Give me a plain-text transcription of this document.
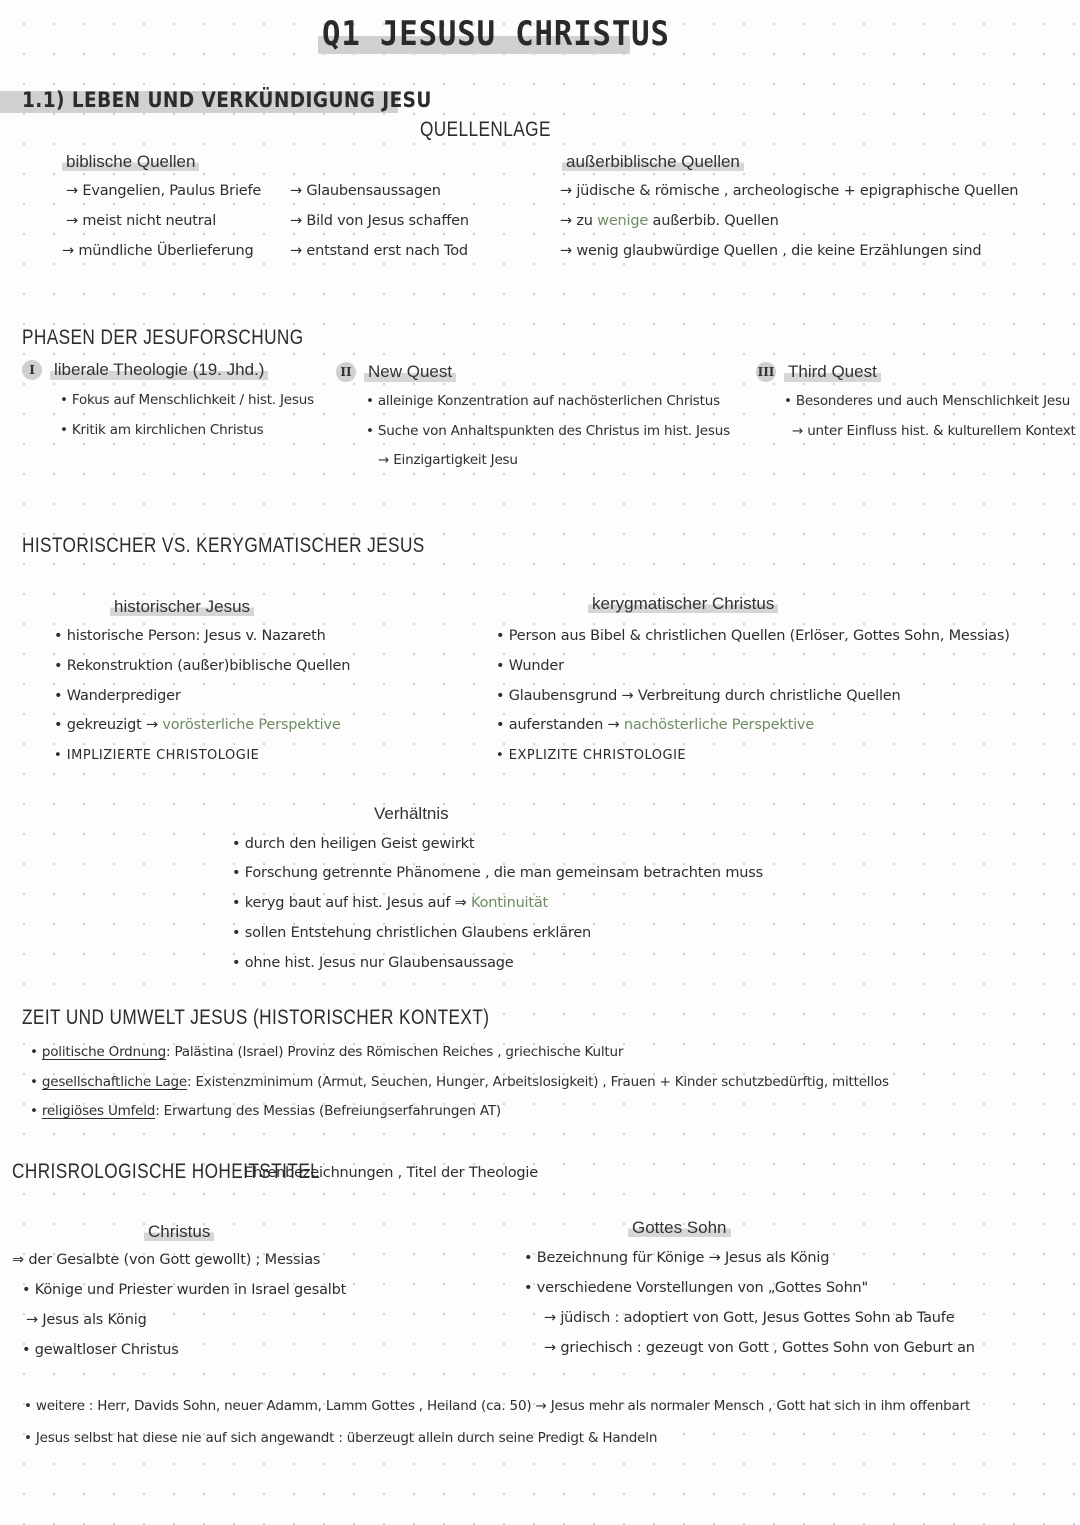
Q1 JESUSU CHRISTUS
1.1) LEBEN UND VERKÜNDIGUNG JESU
QUELLENLAGE
biblische Quellen
→ Evangelien, Paulus Briefe
→ meist nicht neutral
→ mündliche Überlieferung
→ Glaubensaussagen
→ Bild von Jesus schaffen
→ entstand erst nach Tod
außerbiblische Quellen
→ jüdische & römische , archeologische + epigraphische Quellen
→ zu wenige außerbib. Quellen
→ wenig glaubwürdige Quellen , die keine Erzählungen sind
PHASEN DER JESUFORSCHUNG
I	liberale Theologie (19. Jhd.)
• Fokus auf Menschlichkeit / hist. Jesus
• Kritik am kirchlichen Christus
II New Quest
• alleinige Konzentration auf nachösterlichen Christus
• Suche von Anhaltspunkten des Christus im hist. Jesus
→ Einzigartigkeit Jesu
III Third Quest
• Besonderes und auch Menschlichkeit Jesu
→ unter Einfluss hist. & kulturellem Kontext
HISTORISCHER VS. KERYGMATISCHER JESUS
historischer Jesus
• historische Person: Jesus v. Nazareth
• Rekonstruktion (außer)biblische Quellen
• Wanderprediger
• gekreuzigt → vorösterliche Perspektive
• IMPLIZIERTE CHRISTOLOGIE
kerygmatischer Christus
• Person aus Bibel & christlichen Quellen (Erlöser, Gottes Sohn, Messias)
• Wunder
• Glaubensgrund → Verbreitung durch christliche Quellen
• auferstanden → nachösterliche Perspektive
• EXPLIZITE CHRISTOLOGIE
Verhältnis
• durch den heiligen Geist gewirkt
• Forschung getrennte Phänomene , die man gemeinsam betrachten muss
• keryg baut auf hist. Jesus auf ⇒ Kontinuität
• sollen Entstehung christlichen Glaubens erklären
• ohne hist. Jesus nur Glaubensaussage
ZEIT UND UMWELT JESUS (HISTORISCHER KONTEXT)
• politische Ordnung: Palästina (Israel) Provinz des Römischen Reiches , griechische Kultur
• gesellschaftliche Lage: Existenzminimum (Armut, Seuchen, Hunger, Arbeitslosigkeit) , Frauen + Kinder schutzbedürftig, mittellos
• religiöses Umfeld: Erwartung des Messias (Befreiungserfahrungen AT)
CHRISROLOGISCHE HOHEITSTITEL
Ehrenbezeichnungen , Titel der Theologie
Christus
⇒ der Gesalbte (von Gott gewollt) ; Messias
• Könige und Priester wurden in Israel gesalbt
→ Jesus als König
• gewaltloser Christus
Gottes Sohn
• Bezeichnung für Könige → Jesus als König
• verschiedene Vorstellungen von „Gottes Sohn"
→ jüdisch : adoptiert von Gott, Jesus Gottes Sohn ab Taufe
→ griechisch : gezeugt von Gott , Gottes Sohn von Geburt an
• weitere : Herr, Davids Sohn, neuer Adamm, Lamm Gottes , Heiland (ca. 50) → Jesus mehr als normaler Mensch , Gott hat sich in ihm offenbart
• Jesus selbst hat diese nie auf sich angewandt : überzeugt allein durch seine Predigt & Handeln
